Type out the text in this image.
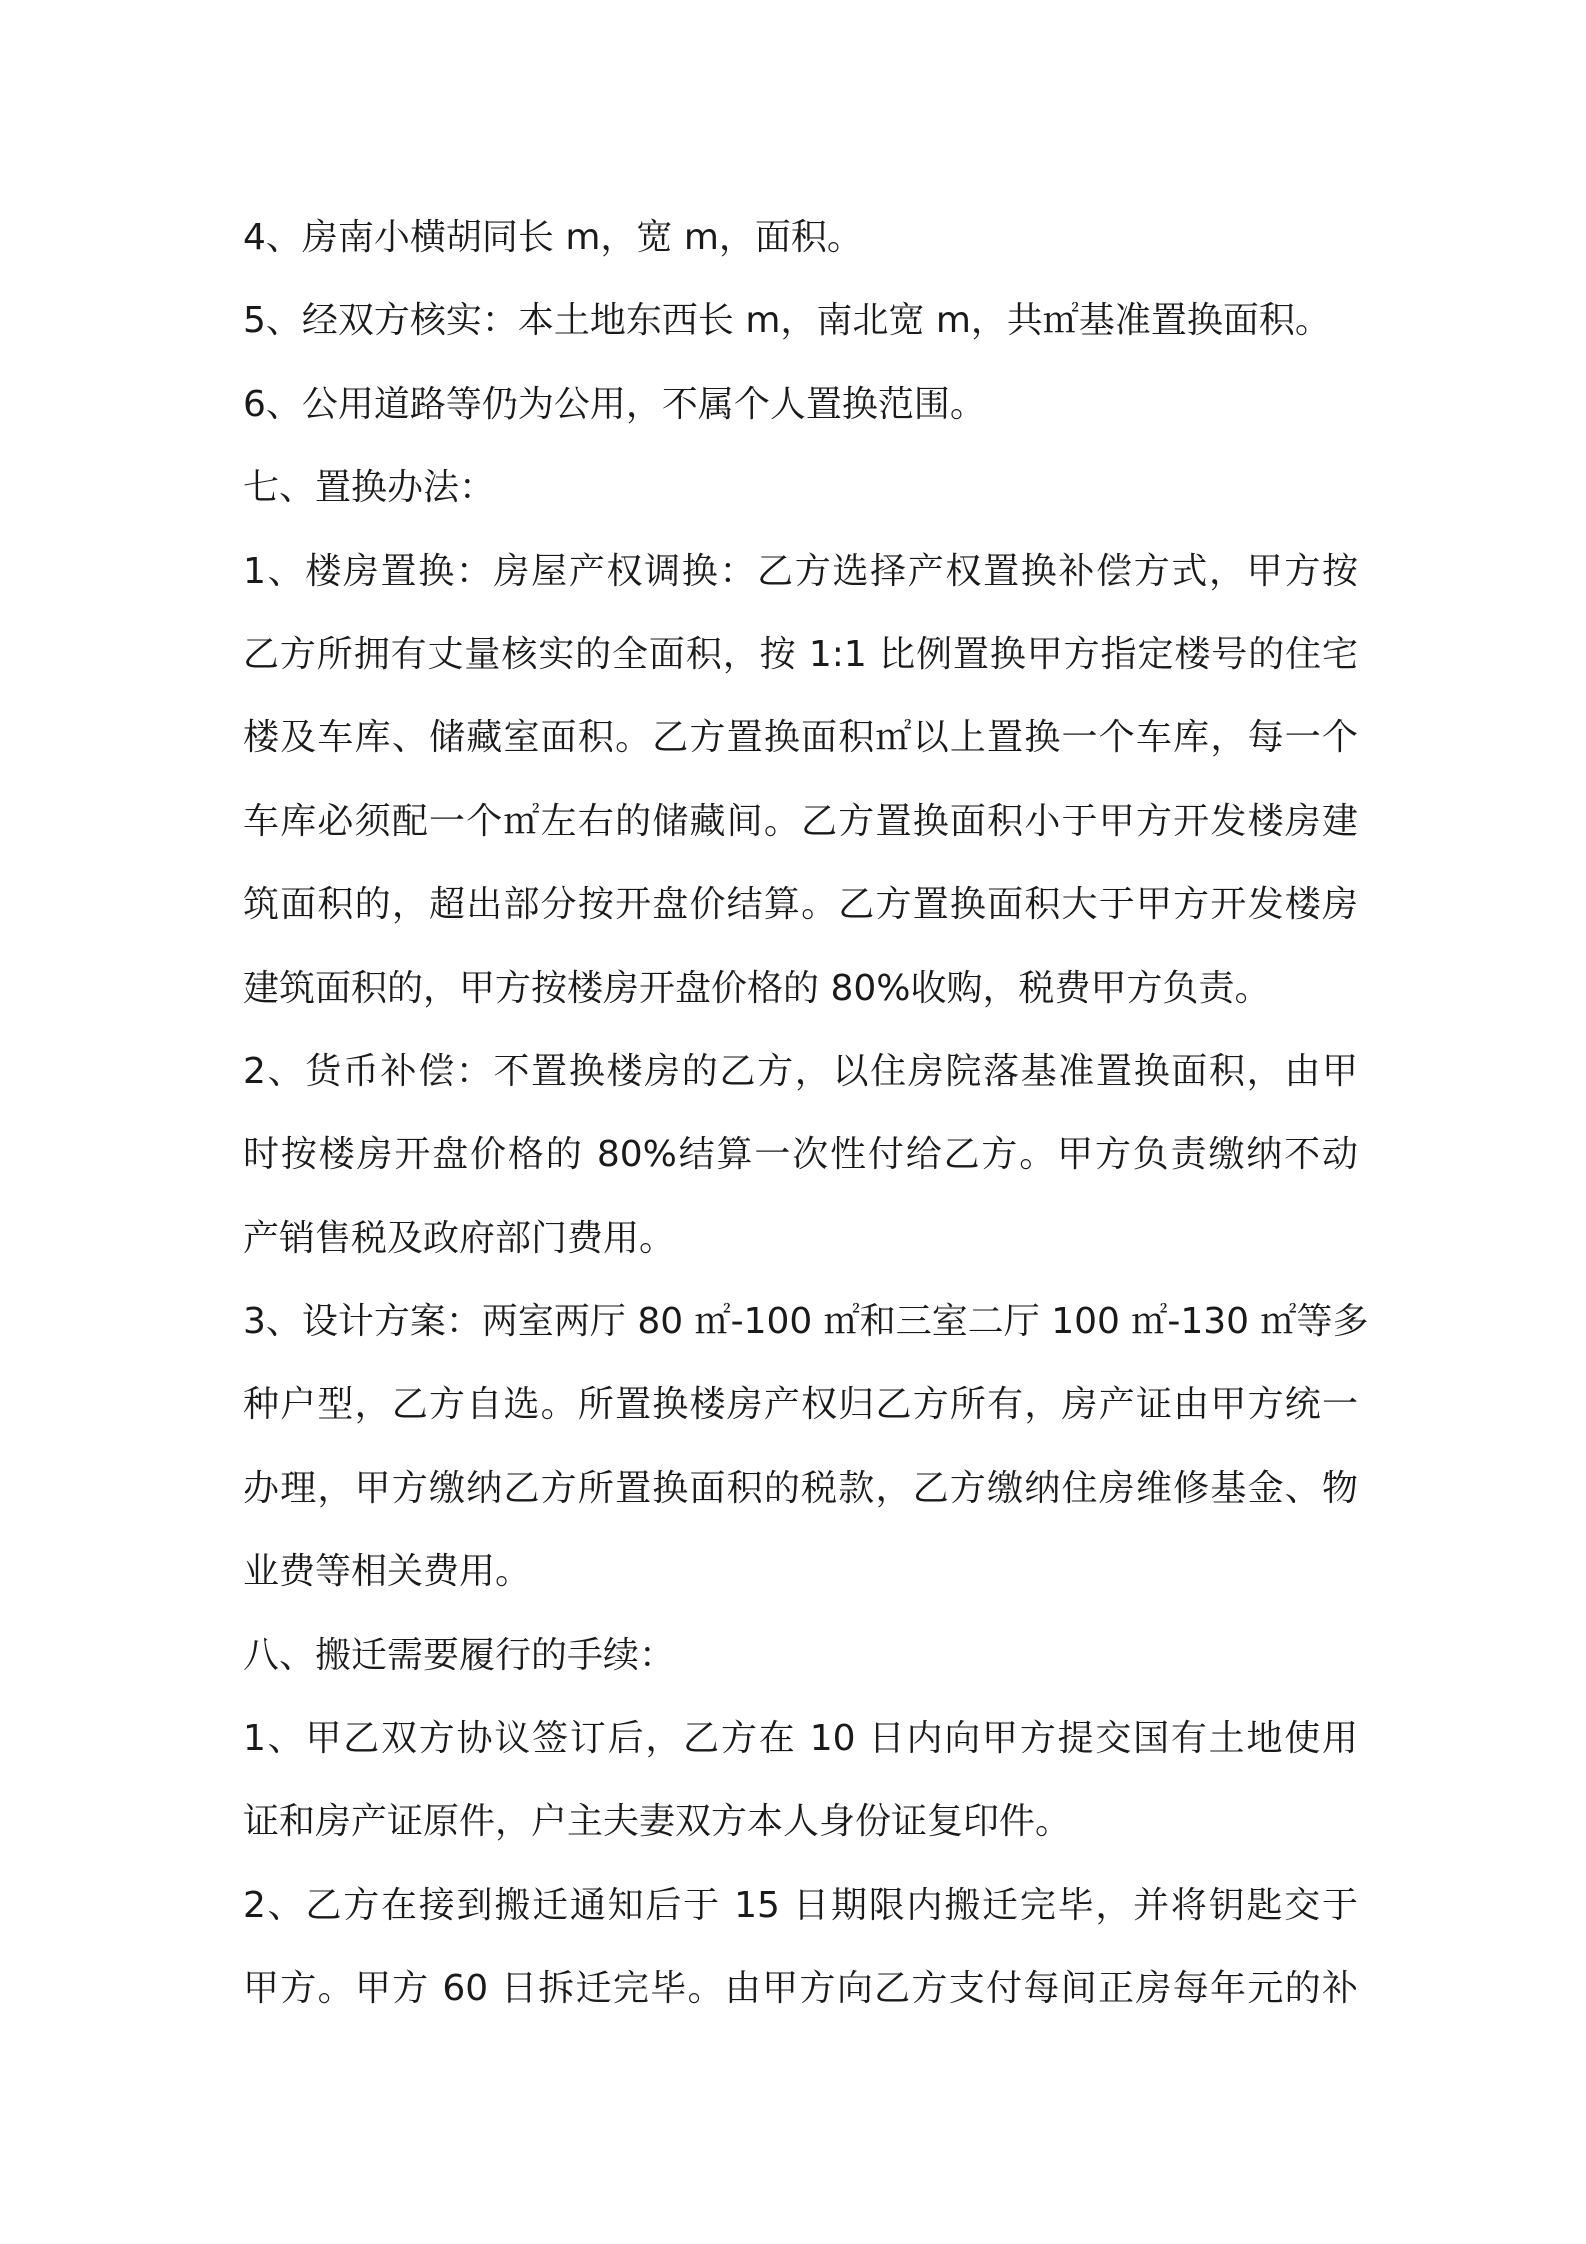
4、房南小横胡同长 m，宽 m，面积。
5、经双方核实：本土地东西长 m，南北宽 m，共㎡基准置换面积。
6、公用道路等仍为公用，不属个人置换范围。
七、置换办法：
1、楼房置换：房屋产权调换：乙方选择产权置换补偿方式，甲方按
乙方所拥有丈量核实的全面积，按 1:1 比例置换甲方指定楼号的住宅
楼及车库、储藏室面积。乙方置换面积㎡以上置换一个车库，每一个
车库必须配一个㎡左右的储藏间。乙方置换面积小于甲方开发楼房建
筑面积的，超出部分按开盘价结算。乙方置换面积大于甲方开发楼房
建筑面积的，甲方按楼房开盘价格的 80%收购，税费甲方负责。
2、货币补偿：不置换楼房的乙方，以住房院落基准置换面积，由甲
时按楼房开盘价格的 80%结算一次性付给乙方。甲方负责缴纳不动
产销售税及政府部门费用。
3、设计方案：两室两厅 80 ㎡-100 ㎡和三室二厅 100 ㎡-130 ㎡等多
种户型，乙方自选。所置换楼房产权归乙方所有，房产证由甲方统一
办理，甲方缴纳乙方所置换面积的税款，乙方缴纳住房维修基金、物
业费等相关费用。
八、搬迁需要履行的手续：
1、甲乙双方协议签订后，乙方在 10 日内向甲方提交国有土地使用
证和房产证原件，户主夫妻双方本人身份证复印件。
2、乙方在接到搬迁通知后于 15 日期限内搬迁完毕，并将钥匙交于
甲方。甲方 60 日拆迁完毕。由甲方向乙方支付每间正房每年元的补
